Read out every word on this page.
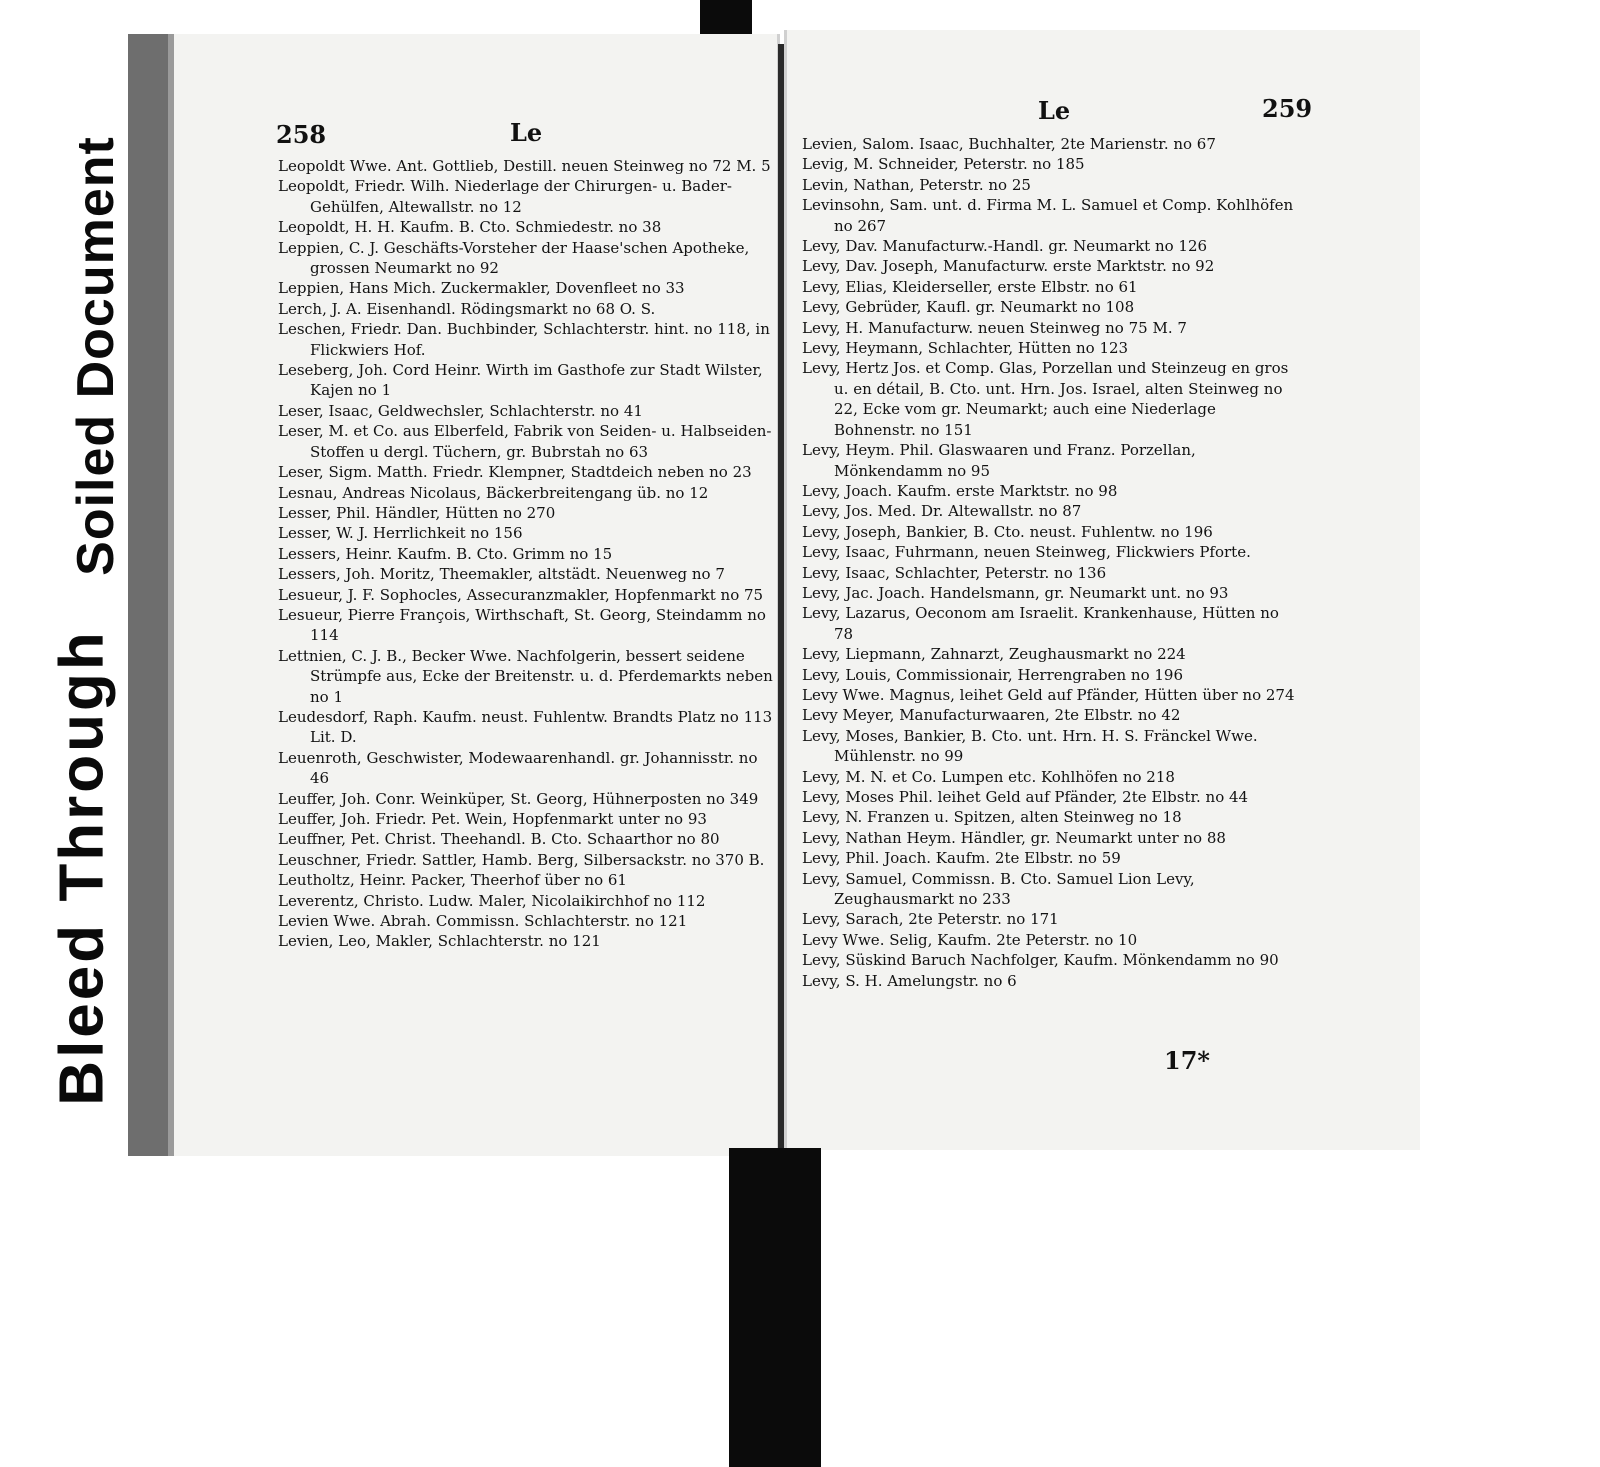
Bleed Through
Soiled Document
258	Le
Leopoldt Wwe. Ant. Gottlieb, Destill. neuen Steinweg no 72 M. 5
Leopoldt, Friedr. Wilh. Niederlage der Chirurgen- u. Bader-Gehülfen, Altewallstr. no 12
Leopoldt, H. H. Kaufm. B. Cto. Schmiedestr. no 38
Leppien, C. J. Geschäfts-Vorsteher der Haase'schen Apotheke, grossen Neumarkt no 92
Leppien, Hans Mich. Zuckermakler, Dovenfleet no 33
Lerch, J. A. Eisenhandl. Rödingsmarkt no 68 O. S.
Leschen, Friedr. Dan. Buchbinder, Schlachterstr. hint. no 118, in Flickwiers Hof.
Leseberg, Joh. Cord Heinr. Wirth im Gasthofe zur Stadt Wilster, Kajen no 1
Leser, Isaac, Geldwechsler, Schlachterstr. no 41
Leser, M. et Co. aus Elberfeld, Fabrik von Seiden- u. Halbseiden-Stoffen u dergl. Tüchern, gr. Bubrstah no 63
Leser, Sigm. Matth. Friedr. Klempner, Stadtdeich neben no 23
Lesnau, Andreas Nicolaus, Bäckerbreitengang üb. no 12
Lesser, Phil. Händler, Hütten no 270
Lesser, W. J. Herrlichkeit no 156
Lessers, Heinr. Kaufm. B. Cto. Grimm no 15
Lessers, Joh. Moritz, Theemakler, altstädt. Neuenweg no 7
Lesueur, J. F. Sophocles, Assecuranzmakler, Hopfenmarkt no 75
Lesueur, Pierre François, Wirthschaft, St. Georg, Steindamm no 114
Lettnien, C. J. B., Becker Wwe. Nachfolgerin, bessert seidene Strümpfe aus, Ecke der Breitenstr. u. d. Pferdemarkts neben no 1
Leudesdorf, Raph. Kaufm. neust. Fuhlentw. Brandts Platz no 113 Lit. D.
Leuenroth, Geschwister, Modewaarenhandl. gr. Johannisstr. no 46
Leuffer, Joh. Conr. Weinküper, St. Georg, Hühnerposten no 349
Leuffer, Joh. Friedr. Pet. Wein, Hopfenmarkt unter no 93
Leuffner, Pet. Christ. Theehandl. B. Cto. Schaarthor no 80
Leuschner, Friedr. Sattler, Hamb. Berg, Silbersackstr. no 370 B.
Leutholtz, Heinr. Packer, Theerhof über no 61
Leverentz, Christo. Ludw. Maler, Nicolaikirchhof no 112
Levien Wwe. Abrah. Commissn. Schlachterstr. no 121
Levien, Leo, Makler, Schlachterstr. no 121
Le	259
Levien, Salom. Isaac, Buchhalter, 2te Marienstr. no 67
Levig, M. Schneider, Peterstr. no 185
Levin, Nathan, Peterstr. no 25
Levinsohn, Sam. unt. d. Firma M. L. Samuel et Comp. Kohlhöfen no 267
Levy, Dav. Manufacturw.-Handl. gr. Neumarkt no 126
Levy, Dav. Joseph, Manufacturw. erste Marktstr. no 92
Levy, Elias, Kleiderseller, erste Elbstr. no 61
Levy, Gebrüder, Kaufl. gr. Neumarkt no 108
Levy, H. Manufacturw. neuen Steinweg no 75 M. 7
Levy, Heymann, Schlachter, Hütten no 123
Levy, Hertz Jos. et Comp. Glas, Porzellan und Steinzeug en gros u. en détail, B. Cto. unt. Hrn. Jos. Israel, alten Steinweg no 22, Ecke vom gr. Neumarkt; auch eine Niederlage Bohnenstr. no 151
Levy, Heym. Phil. Glaswaaren und Franz. Porzellan, Mönkendamm no 95
Levy, Joach. Kaufm. erste Marktstr. no 98
Levy, Jos. Med. Dr. Altewallstr. no 87
Levy, Joseph, Bankier, B. Cto. neust. Fuhlentw. no 196
Levy, Isaac, Fuhrmann, neuen Steinweg, Flickwiers Pforte.
Levy, Isaac, Schlachter, Peterstr. no 136
Levy, Jac. Joach. Handelsmann, gr. Neumarkt unt. no 93
Levy, Lazarus, Oeconom am Israelit. Krankenhause, Hütten no 78
Levy, Liepmann, Zahnarzt, Zeughausmarkt no 224
Levy, Louis, Commissionair, Herrengraben no 196
Levy Wwe. Magnus, leihet Geld auf Pfänder, Hütten über no 274
Levy Meyer, Manufacturwaaren, 2te Elbstr. no 42
Levy, Moses, Bankier, B. Cto. unt. Hrn. H. S. Fränckel Wwe. Mühlenstr. no 99
Levy, M. N. et Co. Lumpen etc. Kohlhöfen no 218
Levy, Moses Phil. leihet Geld auf Pfänder, 2te Elbstr. no 44
Levy, N. Franzen u. Spitzen, alten Steinweg no 18
Levy, Nathan Heym. Händler, gr. Neumarkt unter no 88
Levy, Phil. Joach. Kaufm. 2te Elbstr. no 59
Levy, Samuel, Commissn. B. Cto. Samuel Lion Levy, Zeughausmarkt no 233
Levy, Sarach, 2te Peterstr. no 171
Levy Wwe. Selig, Kaufm. 2te Peterstr. no 10
Levy, Süskind Baruch Nachfolger, Kaufm. Mönkendamm no 90
Levy, S. H. Amelungstr. no 6
17*
